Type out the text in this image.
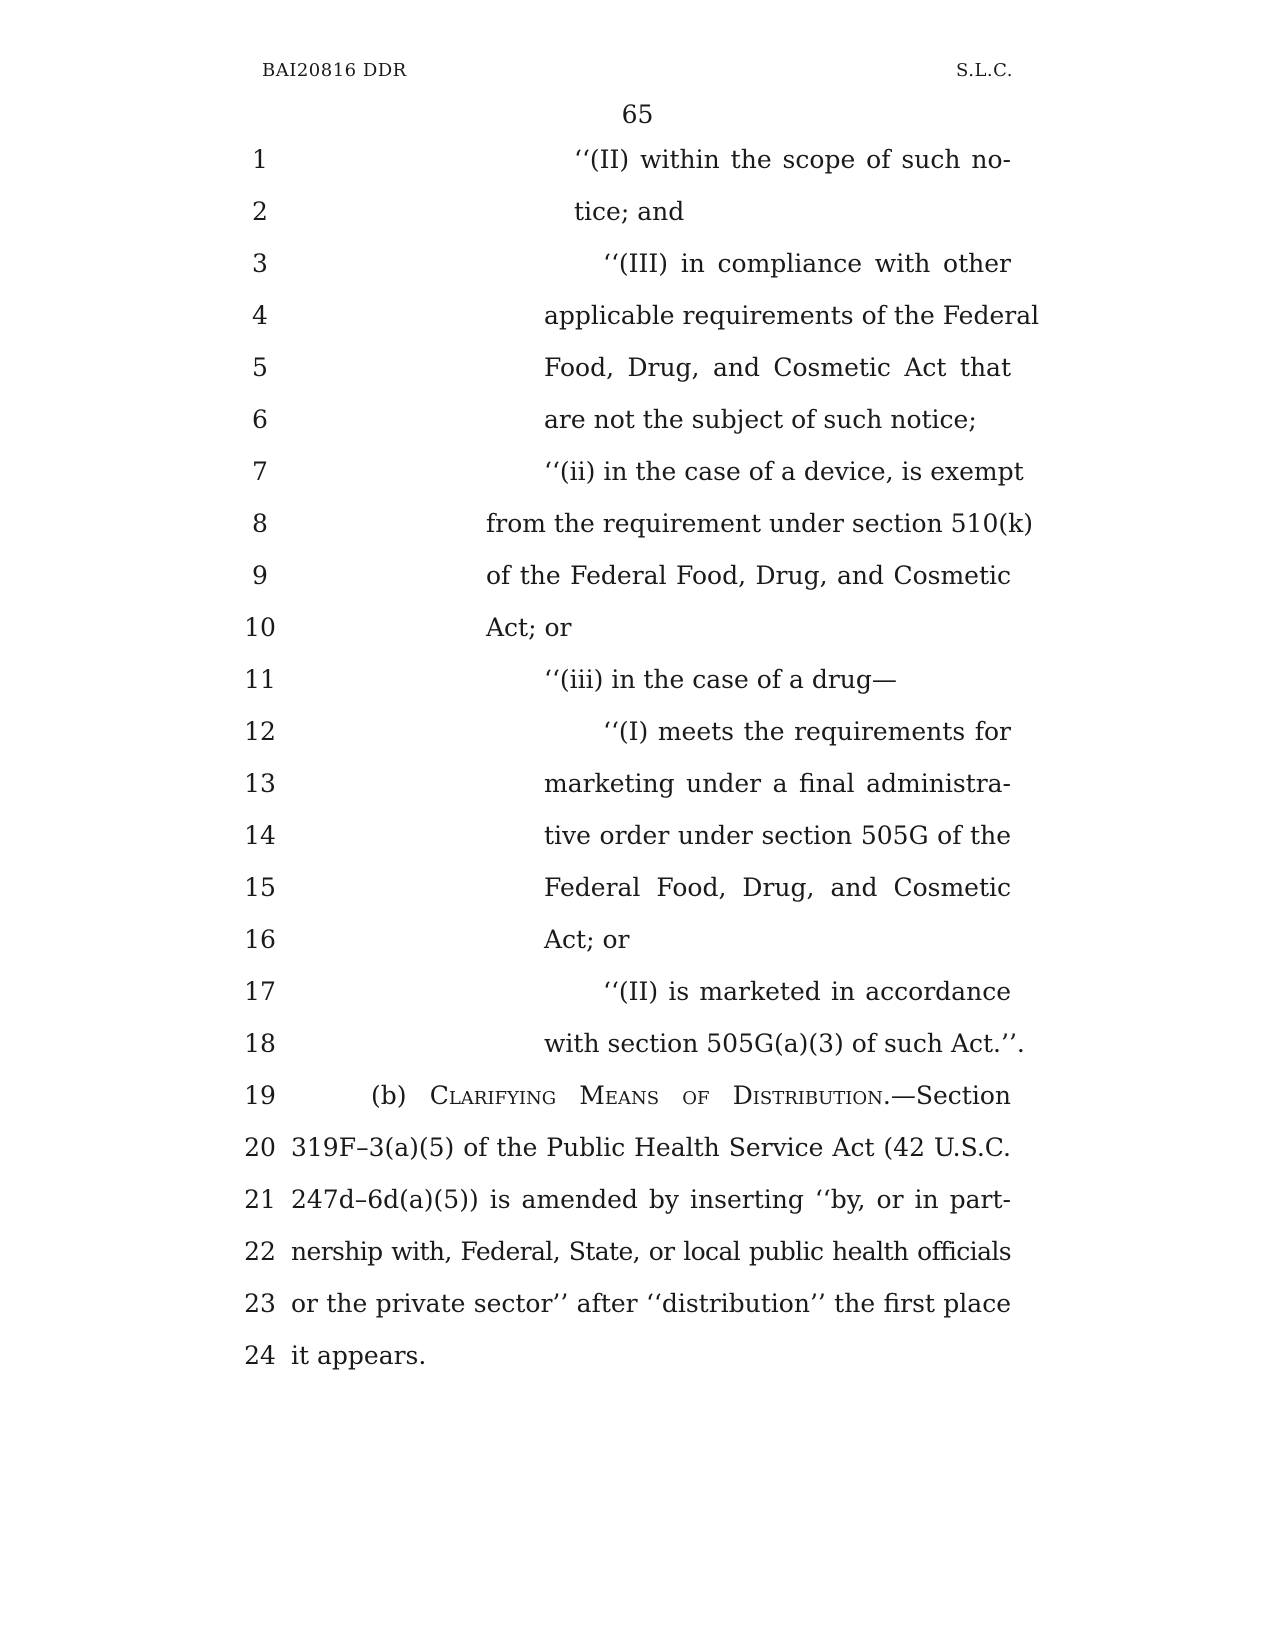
BAI20816 DDR	S.L.C.
65
1	‘‘(II) within the scope of such no-
2	tice; and
3	‘‘(III) in compliance with other
4	applicable requirements of the Federal
5	Food, Drug, and Cosmetic Act that
6	are not the subject of such notice;
7	‘‘(ii) in the case of a device, is exempt
8	from the requirement under section 510(k)
9	of the Federal Food, Drug, and Cosmetic
10	Act; or
11	‘‘(iii) in the case of a drug—
12	‘‘(I) meets the requirements for
13	marketing under a final administra-
14	tive order under section 505G of the
15	Federal Food, Drug, and Cosmetic
16	Act; or
17	‘‘(II) is marketed in accordance
18	with section 505G(a)(3) of such Act.’’.
19	(b) Clarifying Means of Distribution.—Section
20 319F–3(a)(5) of the Public Health Service Act (42 U.S.C.
21 247d–6d(a)(5)) is amended by inserting ‘‘by, or in part-
22 nership with, Federal, State, or local public health officials
23 or the private sector’’ after ‘‘distribution’’ the first place
24 it appears.
